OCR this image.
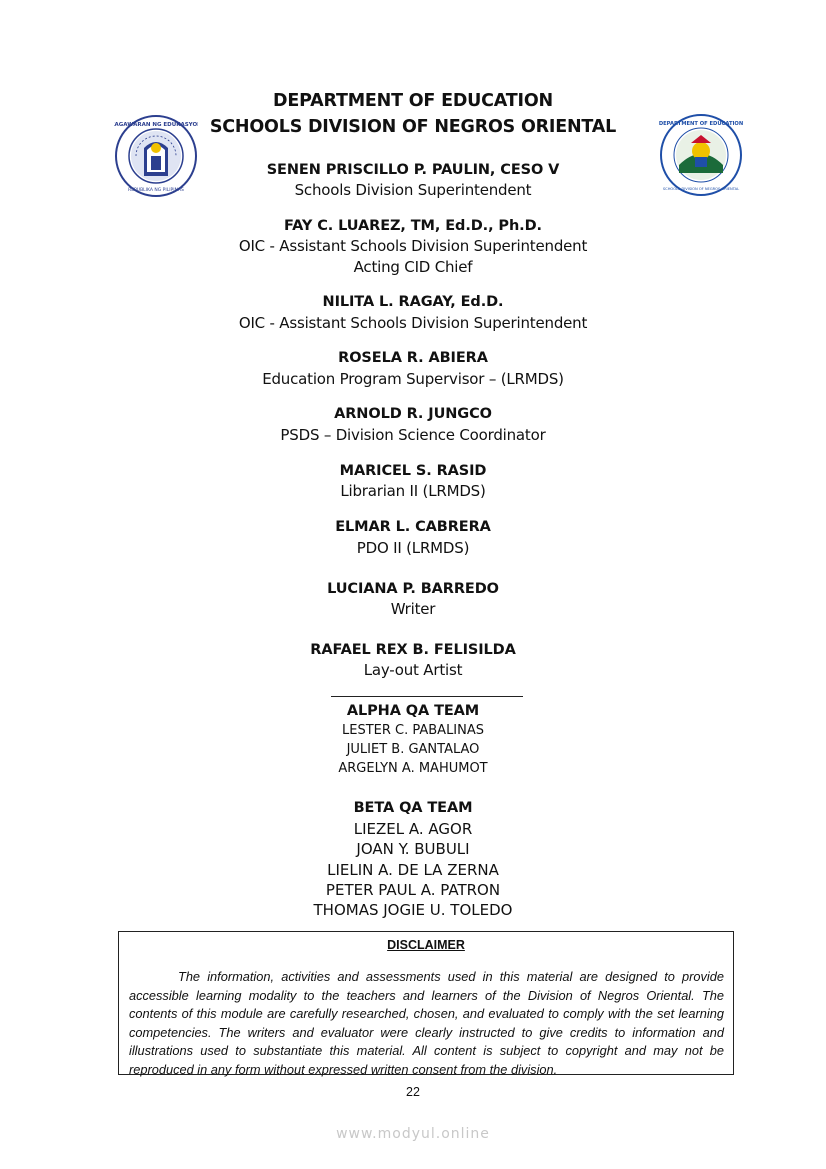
DEPARTMENT OF EDUCATION
SCHOOLS DIVISION OF NEGROS ORIENTAL
KAGAWARAN NG EDUKASYON
REPUBLIKA NG PILIPINAS
DEPARTMENT OF EDUCATION
SCHOOLS DIVISION OF NEGROS ORIENTAL
SENEN PRISCILLO P. PAULIN, CESO V
Schools Division Superintendent
FAY C. LUAREZ, TM, Ed.D., Ph.D.
OIC - Assistant Schools Division Superintendent
Acting CID Chief
NILITA L. RAGAY, Ed.D.
OIC - Assistant Schools Division Superintendent
ROSELA R. ABIERA
Education Program Supervisor – (LRMDS)
ARNOLD R. JUNGCO
PSDS – Division Science Coordinator
MARICEL S. RASID
Librarian II (LRMDS)
ELMAR L. CABRERA
PDO II (LRMDS)
LUCIANA P. BARREDO
Writer
RAFAEL REX B. FELISILDA
Lay-out Artist
ALPHA QA TEAM
LESTER C. PABALINAS
JULIET B. GANTALAO
ARGELYN A. MAHUMOT
BETA QA TEAM
LIEZEL A. AGOR
JOAN Y. BUBULI
LIELIN A. DE LA ZERNA
PETER PAUL A. PATRON
THOMAS JOGIE U. TOLEDO
DISCLAIMER
The information, activities and assessments used in this material are designed to provide accessible learning modality to the teachers and learners of the Division of Negros Oriental. The contents of this module are carefully researched, chosen, and evaluated to comply with the set learning competencies. The writers and evaluator were clearly instructed to give credits to information and illustrations used to substantiate this material. All content is subject to copyright and may not be reproduced in any form without expressed written consent from the division.
22
www.modyul.online
